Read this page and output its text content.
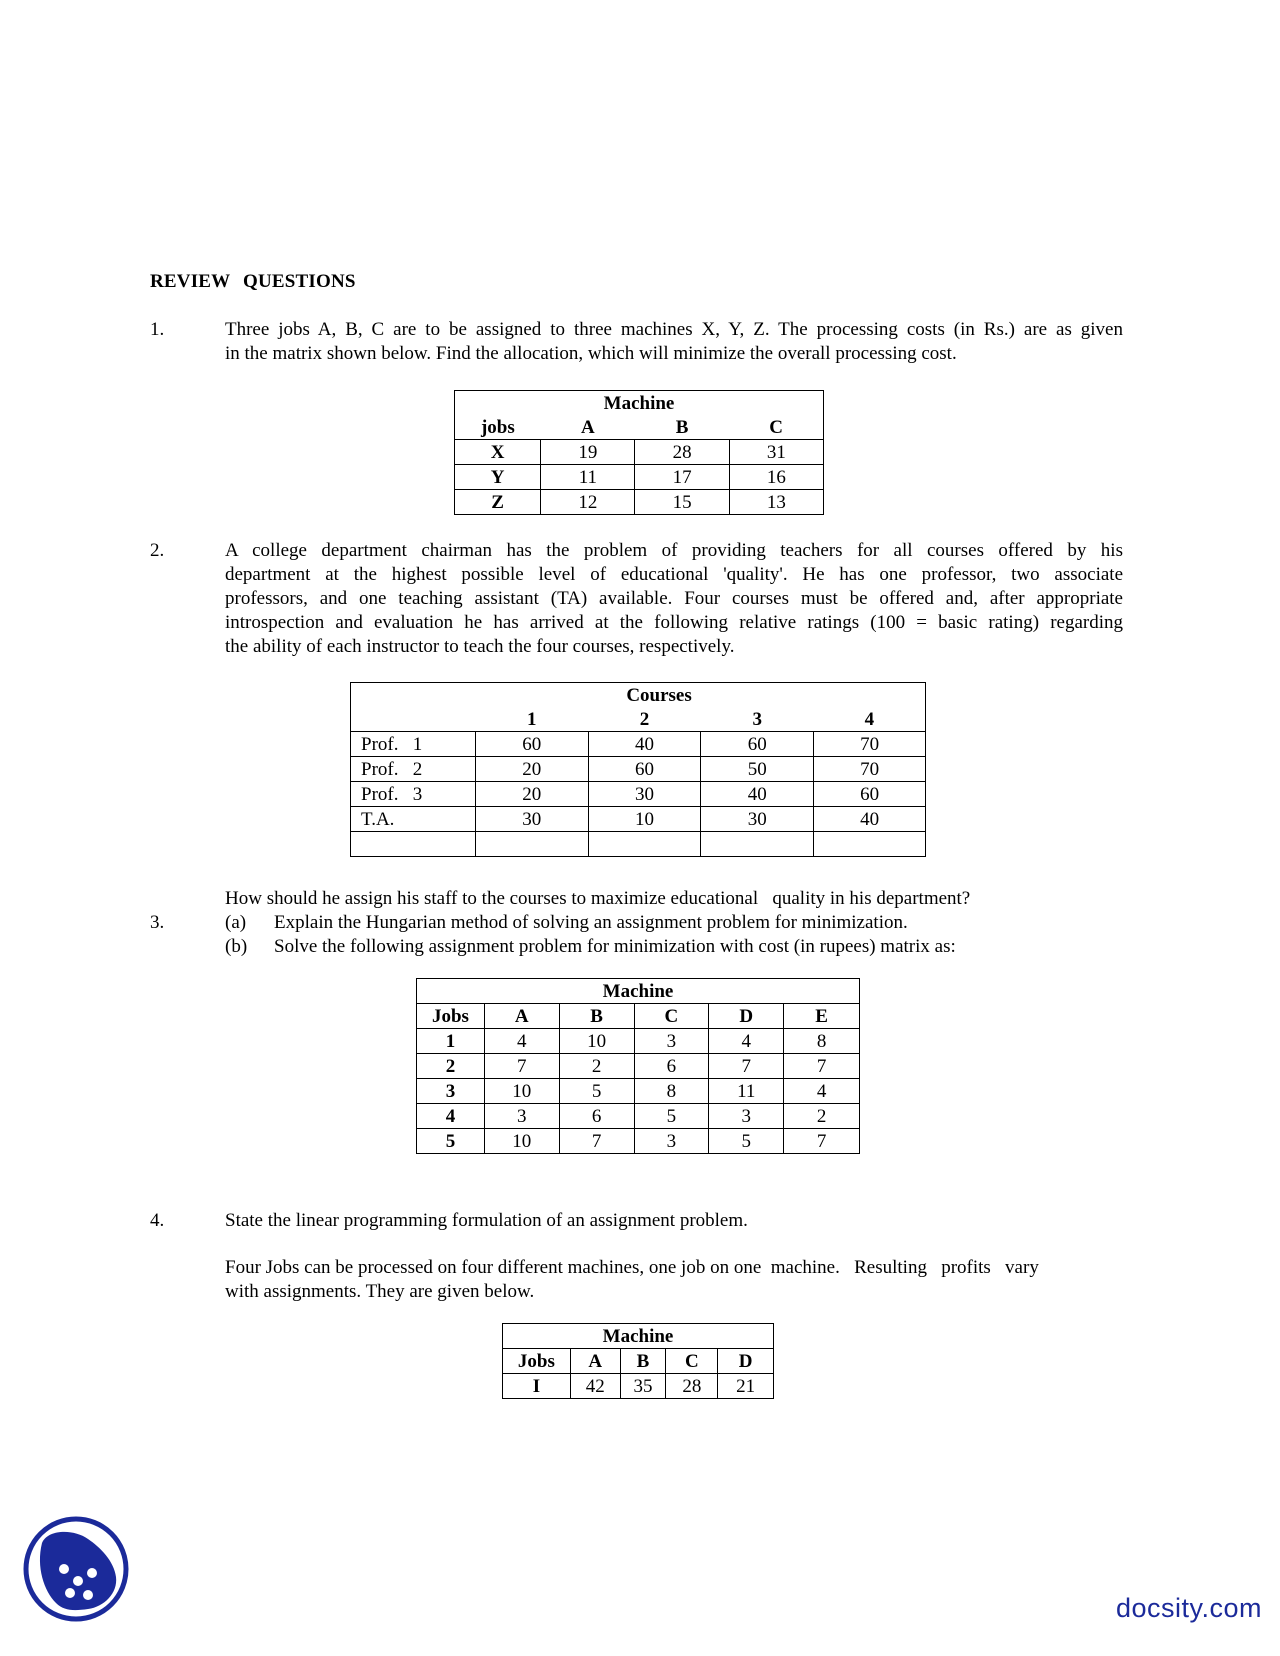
REVIEW QUESTIONS
1.	Three jobs A, B, C are to be assigned to three machines X, Y, Z. The processing costs (in Rs.) are as given
in the matrix shown below. Find the allocation, which will minimize the overall processing cost.
Machine			
jobs	A	B	C
X	19	28	31
Y	11	17	16
Z	12	15	13
2.	A college department chairman has the problem of providing teachers for all courses offered by his
department at the highest possible level of educational 'quality'. He has one professor, two associate
professors, and one teaching assistant (TA) available. Four courses must be offered and, after appropriate
introspection and evaluation he has arrived at the following relative ratings (100 = basic rating) regarding
the ability of each instructor to teach the four courses, respectively.
	Courses			
	1	2	3	4
Prof.   1	60	40	60	70
Prof.   2	20	60	50	70
Prof.   3	20	30	40	60
T.A.	30	10	30	40

How should he assign his staff to the courses to maximize educational   quality in his department?
3.	(a) Explain the Hungarian method of solving an assignment problem for minimization.
(b) Solve the following assignment problem for minimization with cost (in rupees) matrix as:
Machine					
Jobs	A	B	C	D	E
1	4	10	3	4	8
2	7	2	6	7	7
3	10	5	8	11	4
4	3	6	5	3	2
5	10	7	3	5	7
4.	State the linear programming formulation of an assignment problem.
Four Jobs can be processed on four different machines, one job on one  machine.   Resulting   profits   vary
with assignments. They are given below.
Machine				
Jobs	A	B	C	D
I	42	35	28	21
docsity.com
